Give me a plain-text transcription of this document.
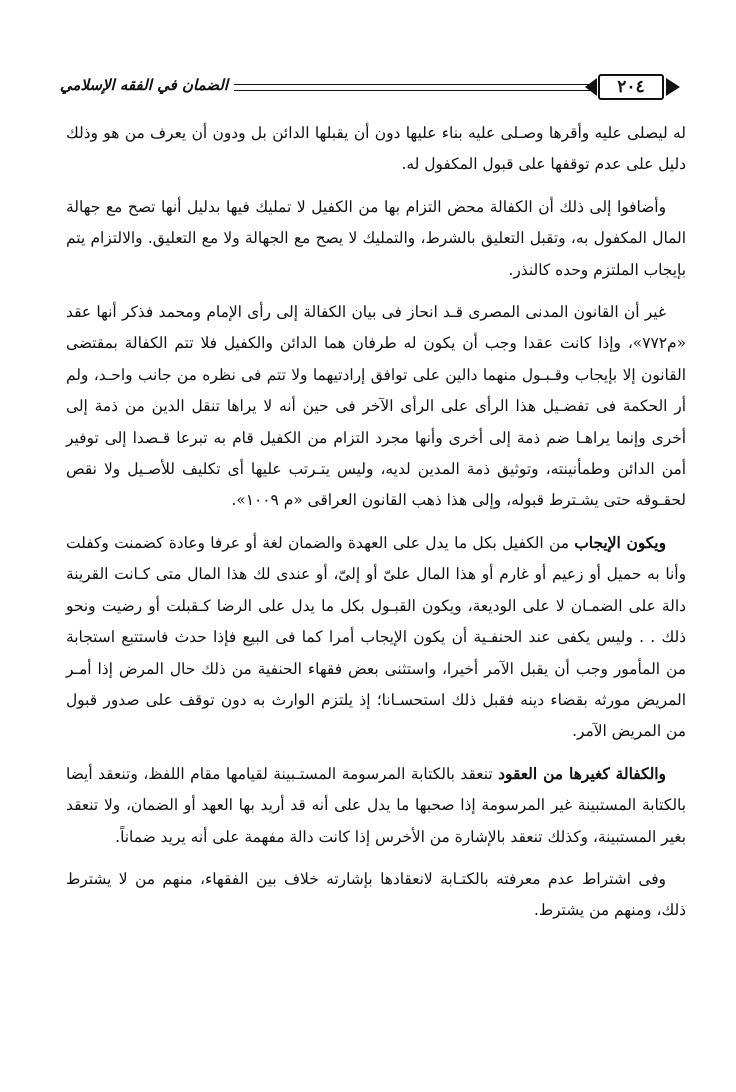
الضمان في الفقه الإسلامي	٢٠٤

له ليصلى عليه وأقرها وصـلى عليه بناء عليها دون أن يقبلها الدائن بل ودون أن يعرف من هو وذلك دليل على عدم توقفها على قبول المكفول له.

وأضافوا إلى ذلك أن الكفالة محض التزام بها من الكفيل لا تمليك فيها بدليل أنها تصح مع جهالة المال المكفول به، وتقبل التعليق بالشرط، والتمليك لا يصح مع الجهالة ولا مع التعليق. والالتزام يتم بإيجاب الملتزم وحده كالنذر.

غير أن القانون المدنى المصرى قـد انحاز فى بيان الكفالة إلى رأى الإمام ومحمد فذكر أنها عقد «م٧٧٢»، وإذا كانت عقدا وجب أن يكون له طرفان هما الدائن والكفيل فلا تتم الكفالة بمقتضى القانون إلا بإيجاب وقـبـول منهما دالين على توافق إرادتيهما ولا تتم فى نظره من جانب واحـد، ولم أر الحكمة فى تفضـيل هذا الرأى على الرأى الآخر فى حين أنه لا يراها تنقل الدين من ذمة إلى أخرى وإنما يراهـا ضم ذمة إلى أخرى وأنها مجرد التزام من الكفيل قام به تبرعا قـصدا إلى توفير أمن الدائن وطمأنينته، وتوثيق ذمة المدين لديه، وليس يتـرتب عليها أى تكليف للأصـيل ولا نقص لحقـوقه حتى يشـترط قبوله، وإلى هذا ذهب القانون العراقى «م ١٠٠٩».

ويكون الإيجاب من الكفيل بكل ما يدل على العهدة والضمان لغة أو عرفا وعادة كضمنت وكفلت وأنا به حميل أو زعيم أو غارم أو هذا المال علىّ أو إلىّ، أو عندى لك هذا المال متى كـانت القرينة دالة على الضمـان لا على الوديعة، ويكون القبـول بكل ما يدل على الرضا كـقبلت أو رضيت ونحو ذلك . . وليس يكفى عند الحنفـية أن يكون الإيجاب أمرا كما فى البيع فإذا حدث فاستتبع استجابة من المأمور وجب أن يقبل الآمر أخيرا، واستثنى بعض فقهاء الحنفية من ذلك حال المرض إذا أمـر المريض مورثه بقضاء دينه فقبل ذلك استحسـانا؛ إذ يلتزم الوارث به دون توقف على صدور قبول من المريض الآمر.

والكفالة كغيرها من العقود تنعقد بالكتابة المرسومة المستـبينة لقيامها مقام اللفظ، وتنعقد أيضا بالكتابة المستبينة غير المرسومة إذا صحبها ما يدل على أنه قد أريد بها العهد أو الضمان، ولا تنعقد بغير المستبينة، وكذلك تنعقد بالإشارة من الأخرس إذا كانت دالة مفهمة على أنه يريد ضماناً.

وفى اشتراط عدم معرفته بالكتـابة لانعقادها بإشارته خلاف بين الفقهاء، منهم من لا يشترط ذلك، ومنهم من يشترط.
